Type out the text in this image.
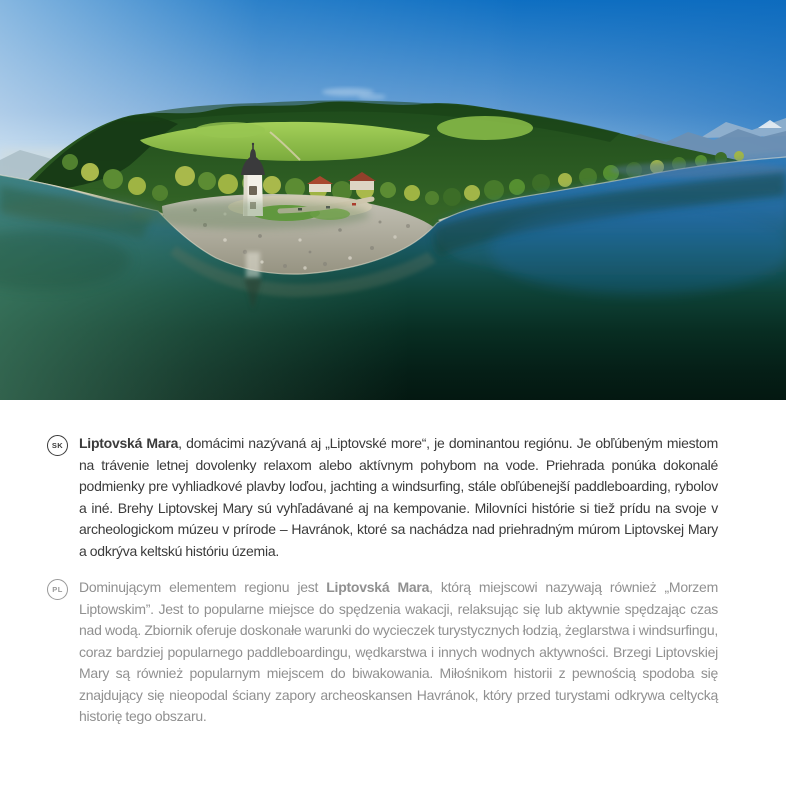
SK	Liptovská Mara, domácimi nazývaná aj „Liptovské more“, je dominantou regiónu. Je obľúbeným miestom na trávenie letnej dovolenky relaxom alebo aktívnym pohybom na vode. Priehrada ponúka dokonalé podmienky pre vyhliadkové plavby loďou, jachting a windsurfing, stále obľúbenejší paddleboarding, rybolov a iné. Brehy Liptovskej Mary sú vyhľadávané aj na kempovanie. Milovníci histórie si tiež prídu na svoje v archeologickom múzeu v prírode – Havránok, ktoré sa nachádza nad priehradným múrom Liptovskej Mary a odkrýva keltskú históriu územia.

PL	Dominującym elementem regionu jest Liptovská Mara, którą miejscowi nazywają również „Morzem Liptowskim”. Jest to popularne miejsce do spędzenia wakacji, relaksując się lub aktywnie spędzając czas nad wodą. Zbiornik oferuje doskonałe warunki do wycieczek turystycznych łodzią, żeglarstwa i windsurfingu, coraz bardziej popularnego paddleboardingu, wędkarstwa i innych wodnych aktywności. Brzegi Liptovskiej Mary są również popularnym miejscem do biwakowania. Miłośnikom historii z pewnością spodoba się znajdujący się nieopodal ściany zapory archeoskansen Havránok, który przed turystami odkrywa celtycką historię tego obszaru.
